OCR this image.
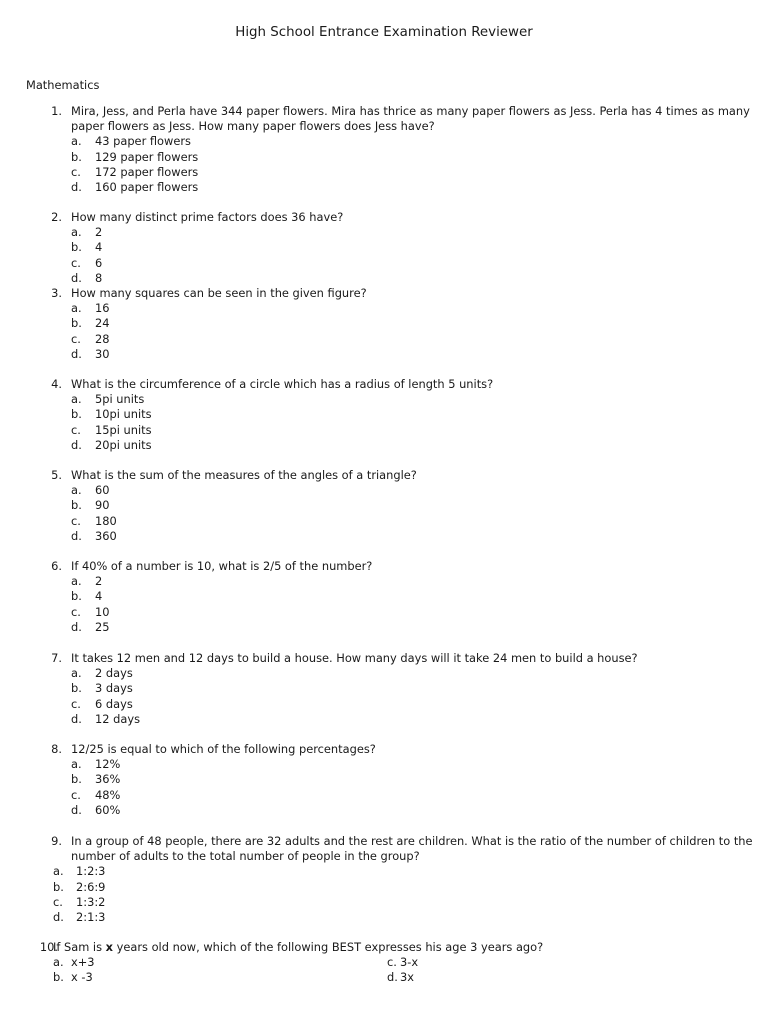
High School Entrance Examination Reviewer
Mathematics
1. Mira, Jess, and Perla have 344 paper flowers. Mira has thrice as many paper flowers as Jess. Perla has 4 times as many
paper flowers as Jess. How many paper flowers does Jess have?
a. 43 paper flowers
b. 129 paper flowers
c. 172 paper flowers
d. 160 paper flowers
2. How many distinct prime factors does 36 have?
a. 2
b. 4
c. 6
d. 8
3. How many squares can be seen in the given figure?
a. 16
b. 24
c. 28
d. 30
4. What is the circumference of a circle which has a radius of length 5 units?
a. 5pi units
b. 10pi units
c. 15pi units
d. 20pi units
5. What is the sum of the measures of the angles of a triangle?
a. 60
b. 90
c. 180
d. 360
6. If 40% of a number is 10, what is 2/5 of the number?
a. 2
b. 4
c. 10
d. 25
7. It takes 12 men and 12 days to build a house. How many days will it take 24 men to build a house?
a. 2 days
b. 3 days
c. 6 days
d. 12 days
8. 12/25 is equal to which of the following percentages?
a. 12%
b. 36%
c. 48%
d. 60%
9. In a group of 48 people, there are 32 adults and the rest are children. What is the ratio of the number of children to the
number of adults to the total number of people in the group?
a. 1:2:3
b. 2:6:9
c. 1:3:2
d. 2:1:3
10.
If Sam is x years old now, which of the following BEST expresses his age 3 years ago?
a. x+3	c. 3-x
b. x -3	d. 3x
